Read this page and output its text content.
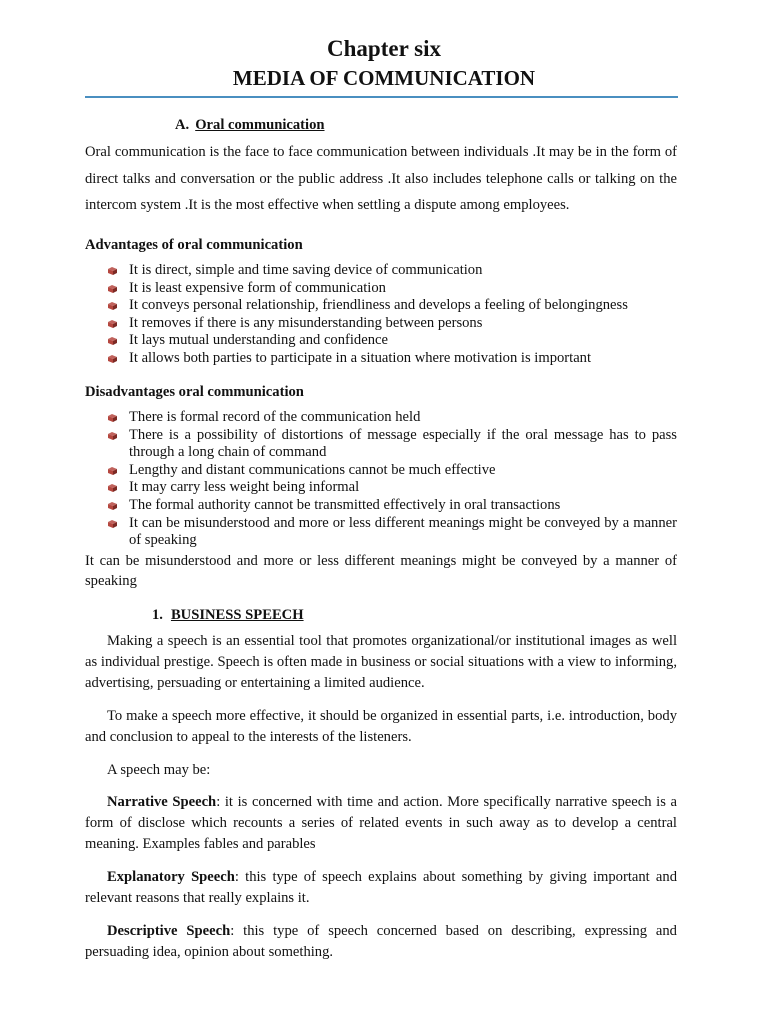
Chapter six
MEDIA OF COMMUNICATION
A. Oral communication
Oral communication is the face to face communication between individuals .It may be in the form of direct talks and conversation or the public address .It also includes telephone calls or talking on the intercom system .It is the most effective when settling a dispute among employees.
Advantages of oral communication
It is direct, simple and time saving device of communication
It is least expensive form of communication
It conveys personal relationship, friendliness and develops a feeling of belongingness
It removes if there is any misunderstanding between persons
It lays mutual understanding and confidence
It allows both parties to participate in a situation where motivation is important
Disadvantages oral communication
There is formal record of the communication held
There is a possibility of distortions of message especially if the oral message has to pass through a long chain of command
Lengthy and distant communications cannot be much effective
It may carry less weight being informal
The formal authority cannot be transmitted effectively in oral transactions
It can be misunderstood and more or less different meanings might be conveyed by a manner of speaking
It can be misunderstood and more or less different meanings might be conveyed by a manner of speaking
1. BUSINESS SPEECH
Making a speech is an essential tool that promotes organizational/or institutional images as well as individual prestige. Speech is often made in business or social situations with a view to informing, advertising, persuading or entertaining a limited audience.
To make a speech more effective, it should be organized in essential parts, i.e. introduction, body and conclusion to appeal to the interests of the listeners.
A speech may be:
Narrative Speech: it is concerned with time and action. More specifically narrative speech is a form of disclose which recounts a series of related events in such away as to develop a central meaning. Examples fables and parables
Explanatory Speech: this type of speech explains about something by giving important and relevant reasons that really explains it.
Descriptive Speech: this type of speech concerned based on describing, expressing and persuading idea, opinion about something.
